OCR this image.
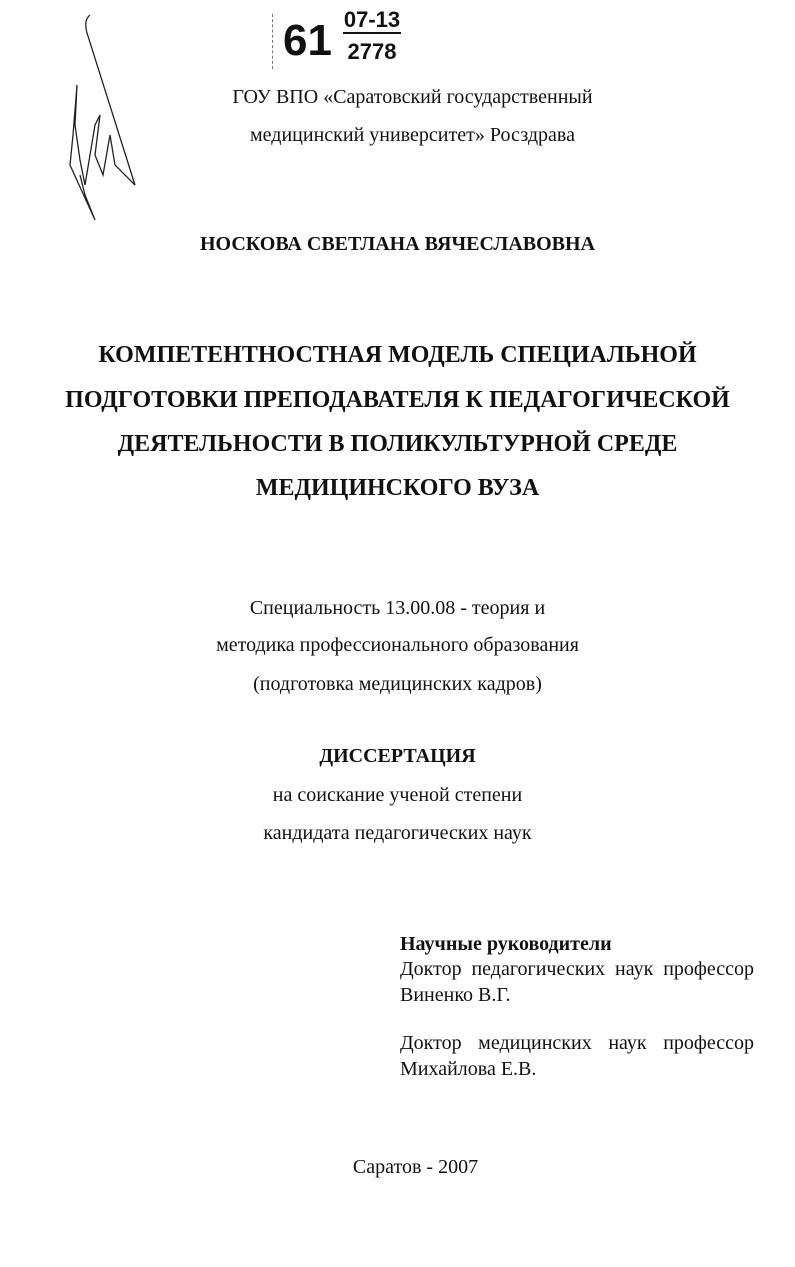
61 07-13
2778
ГОУ ВПО «Саратовский государственный
медицинский университет» Росздрава
НОСКОВА СВЕТЛАНА ВЯЧЕСЛАВОВНА
КОМПЕТЕНТНОСТНАЯ МОДЕЛЬ СПЕЦИАЛЬНОЙ
ПОДГОТОВКИ ПРЕПОДАВАТЕЛЯ К ПЕДАГОГИЧЕСКОЙ
ДЕЯТЕЛЬНОСТИ В ПОЛИКУЛЬТУРНОЙ СРЕДЕ
МЕДИЦИНСКОГО ВУЗА
Специальность 13.00.08 - теория и
методика профессионального образования
(подготовка медицинских кадров)
ДИССЕРТАЦИЯ
на соискание ученой степени
кандидата педагогических наук
Научные руководители
Доктор педагогических наук профессор
Виненко В.Г.
Доктор медицинских наук профессор
Михайлова Е.В.
Саратов - 2007
